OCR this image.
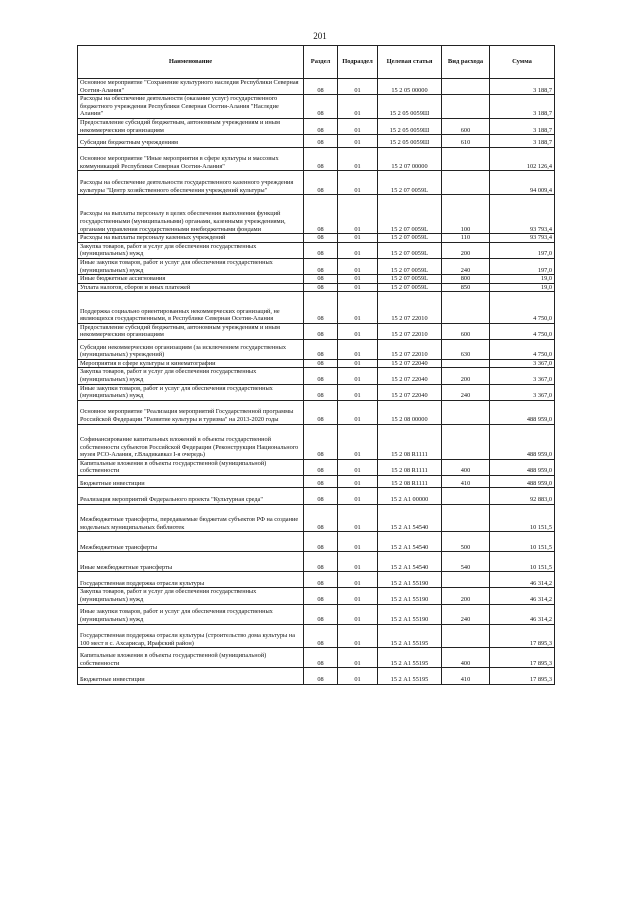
201
Наименование	Раздел	Подраздел	Целевая статья	Вид расхода	Сумма
Основное мероприятие "Сохранение культурного наследия Республики Северная Осетия-Алания"	08	01	15 2 05 00000		3 188,7
Расходы на обеспечение деятельности (оказание услуг) государственного бюджетного учреждения Республики Северная Осетия-Алания "Наследие Алании"	08	01	15 2 05 0059Ш		3 188,7
Предоставление субсидий бюджетным, автономным учреждениям и иным некоммерческим организациям	08	01	15 2 05 0059Ш	600	3 188,7
Субсидии бюджетным учреждениям	08	01	15 2 05 0059Ш	610	3 188,7
Основное мероприятие "Иные мероприятия в сфере культуры и массовых коммуникаций Республики Северная Осетия-Алания"	08	01	15 2 07 00000		102 126,4
Расходы на обеспечение деятельности государственного казенного учреждения культуры "Центр хозяйственного обеспечения учреждений культуры"	08	01	15 2 07 0059L		94 009,4
Расходы на выплаты персоналу в целях обеспечения выполнения функций государственными (муниципальными) органами, казенными учреждениями, органами управления государственными внебюджетными фондами	08	01	15 2 07 0059L	100	93 793,4
Расходы на выплаты персоналу казенных учреждений	08	01	15 2 07 0059L	110	93 793,4
Закупка товаров, работ и услуг для обеспечения государственных (муниципальных) нужд	08	01	15 2 07 0059L	200	197,0
Иные закупки товаров, работ и услуг для обеспечения государственных (муниципальных) нужд	08	01	15 2 07 0059L	240	197,0
Иные бюджетные ассигнования	08	01	15 2 07 0059L	800	19,0
Уплата налогов, сборов и иных платежей	08	01	15 2 07 0059L	850	19,0
Поддержка социально ориентированных некоммерческих организаций, не являющихся государственными, в Республике Северная Осетия-Алания	08	01	15 2 07 22010		4 750,0
Предоставление субсидий бюджетным, автономным учреждениям и иным некоммерческим организациям	08	01	15 2 07 22010	600	4 750,0
Субсидии некоммерческим организациям (за исключением государственных (муниципальных) учреждений)	08	01	15 2 07 22010	630	4 750,0
Мероприятия в сфере культуры и кинематографии	08	01	15 2 07 22040		3 367,0
Закупка товаров, работ и услуг для обеспечения государственных (муниципальных) нужд	08	01	15 2 07 22040	200	3 367,0
Иные закупки товаров, работ и услуг для обеспечения государственных (муниципальных) нужд	08	01	15 2 07 22040	240	3 367,0
Основное мероприятие "Реализация мероприятий Государственной программы Российской Федерации "Развитие культуры и туризма" на 2013-2020 годы	08	01	15 2 08 00000		488 959,0
Софинансирование капитальных вложений в объекты государственной собственности субъектов Российской Федерации (Реконструкция Национального музея РСО-Алания, г.Владикавказ I-я очередь)	08	01	15 2 08 R1111		488 959,0
Капитальные вложения в объекты государственной (муниципальной) собственности	08	01	15 2 08 R1111	400	488 959,0
Бюджетные инвестиции	08	01	15 2 08 R1111	410	488 959,0
Реализация мероприятий Федерального проекта "Культурная среда"	08	01	15 2 А1 00000		92 883,0
Межбюджетные трансферты, передаваемые бюджетам субъектов РФ на создание модельных муниципальных библиотек	08	01	15 2 А1 54540		10 151,5
Межбюджетные трансферты	08	01	15 2 А1 54540	500	10 151,5
Иные межбюджетные трансферты	08	01	15 2 А1 54540	540	10 151,5
Государственная поддержка отрасли культуры	08	01	15 2 А1 55190		46 314,2
Закупка товаров, работ и услуг для обеспечения государственных (муниципальных) нужд	08	01	15 2 А1 55190	200	46 314,2
Иные закупки товаров, работ и услуг для обеспечения государственных (муниципальных) нужд	08	01	15 2 А1 55190	240	46 314,2
Государственная поддержка отрасли культуры (строительство дома культуры на 100 мест в с. Ахсарисар, Ирафский район)	08	01	15 2 А1 55195		17 895,3
Капитальные вложения в объекты государственной (муниципальной) собственности	08	01	15 2 А1 55195	400	17 895,3
Бюджетные инвестиции	08	01	15 2 А1 55195	410	17 895,3
